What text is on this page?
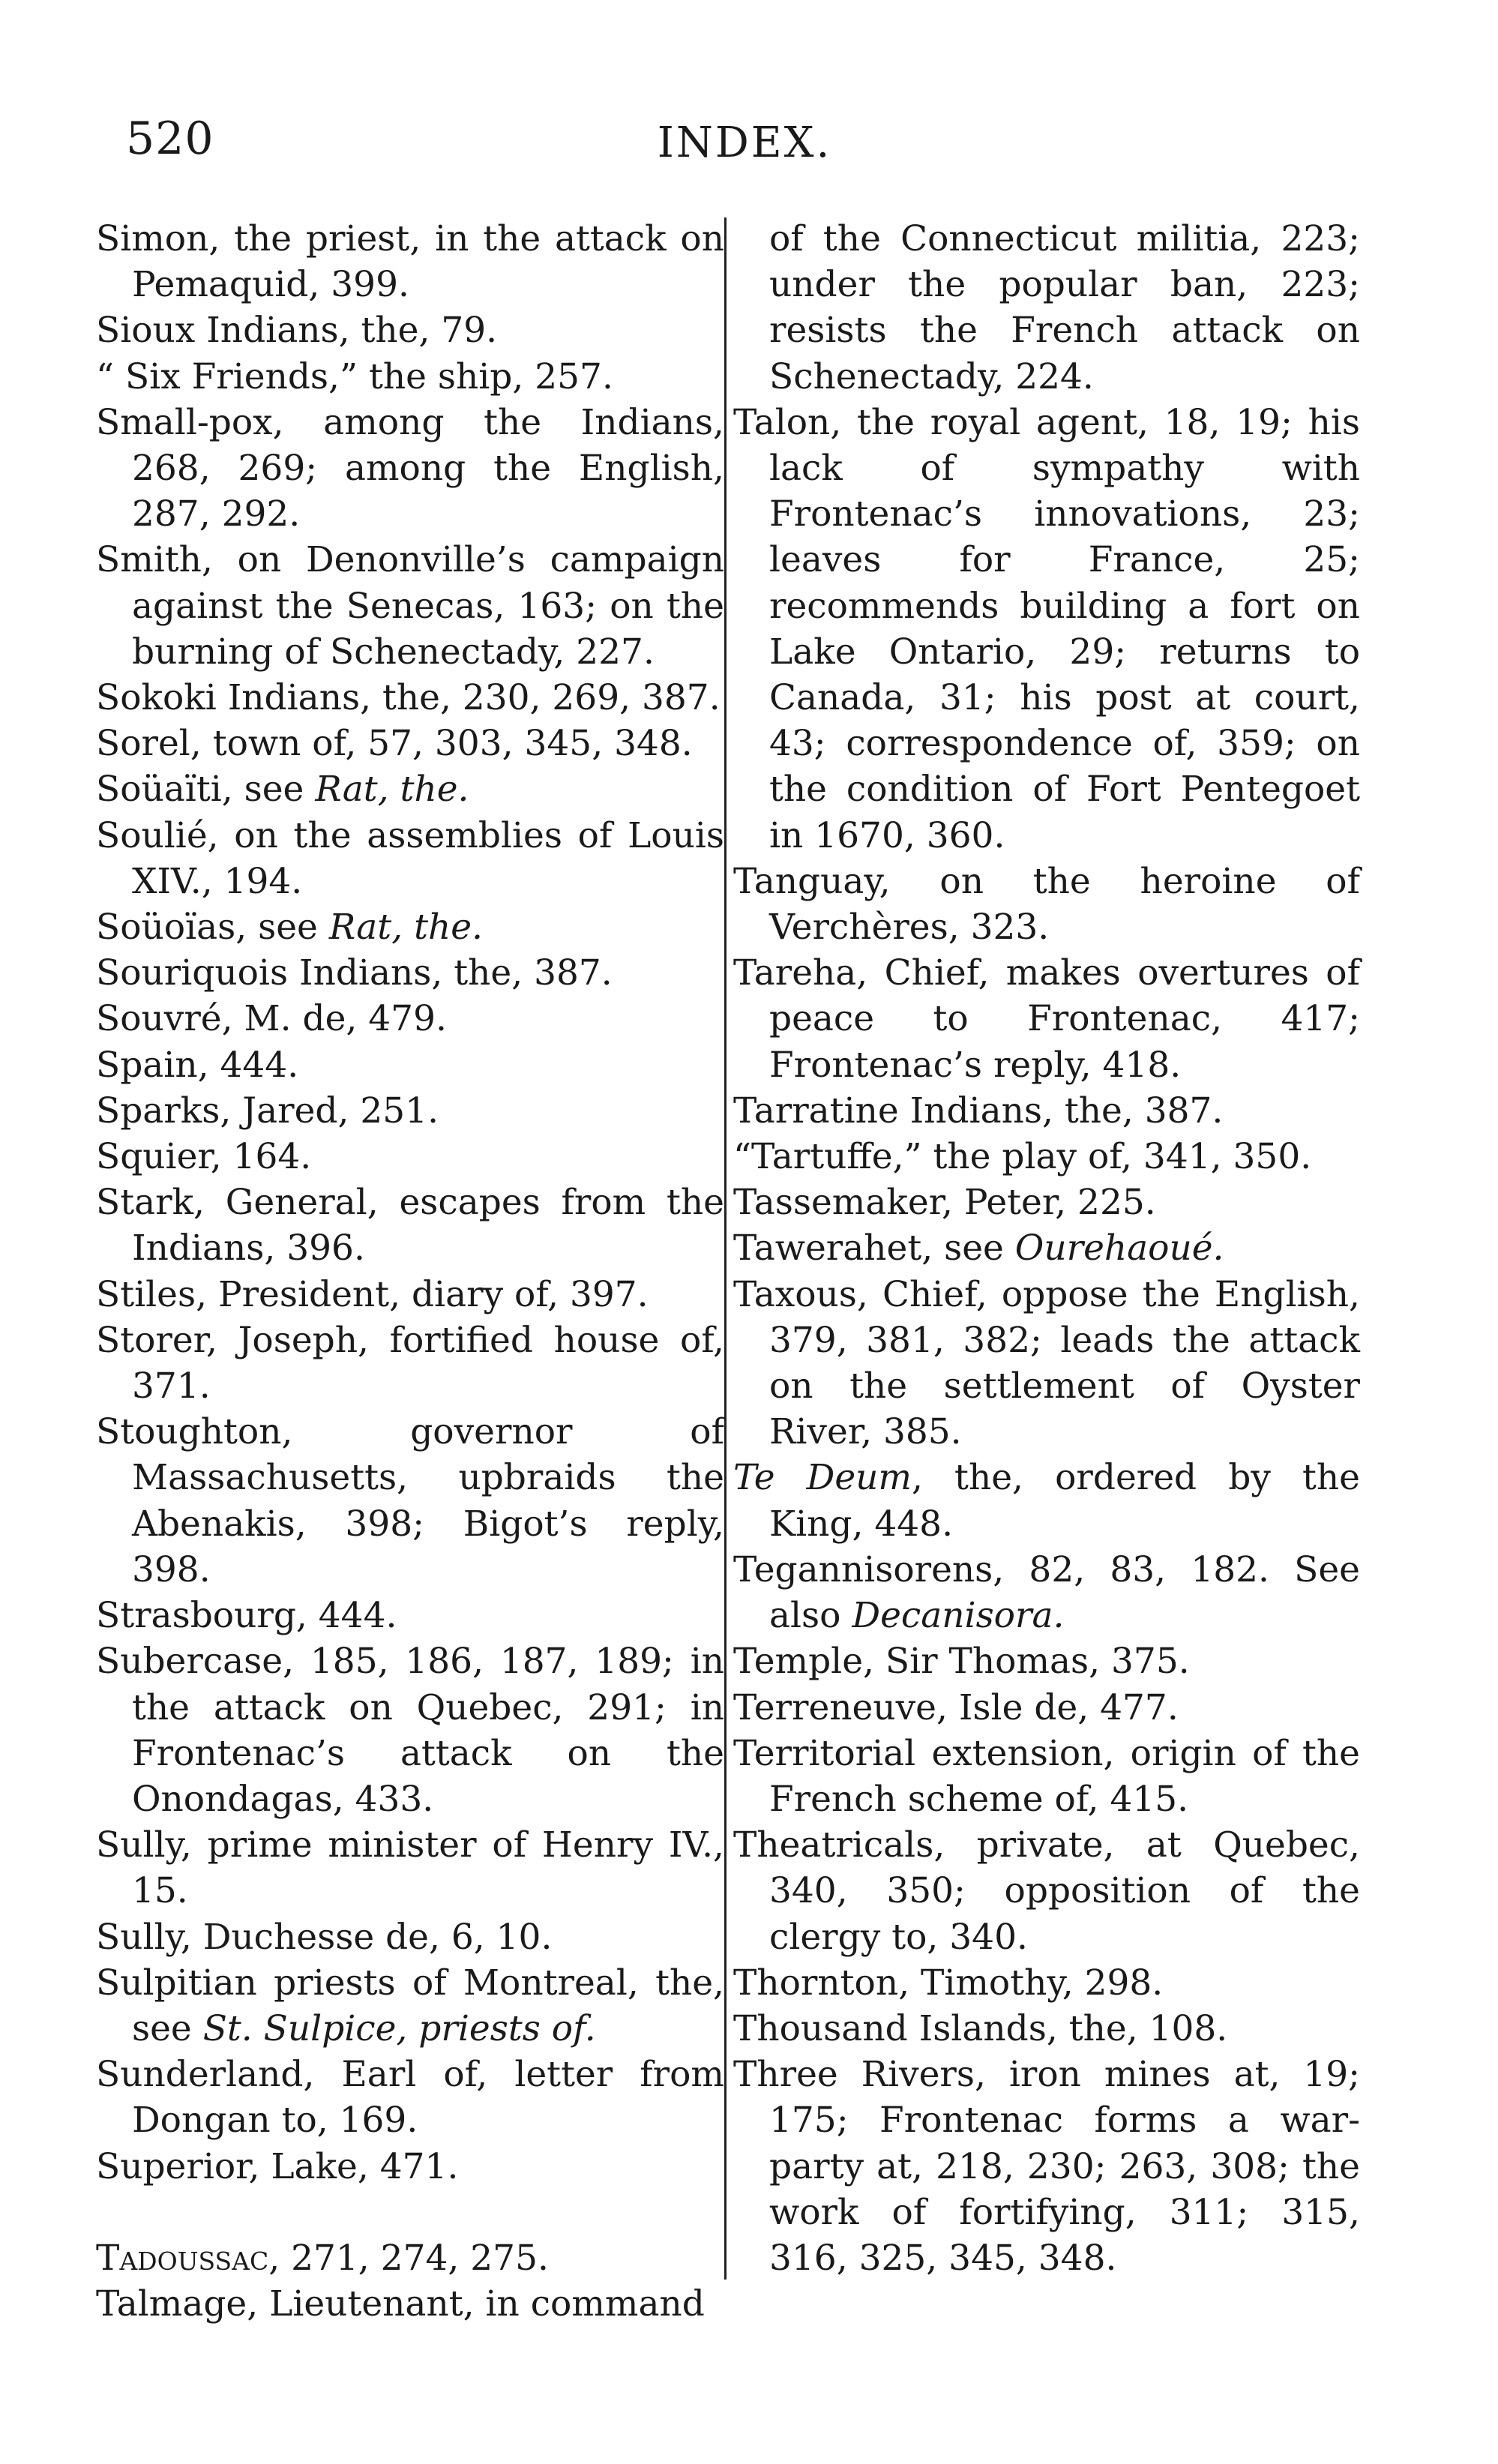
520	INDEX.

Simon, the priest, in the attack on Pemaquid, 399.

Sioux Indians, the, 79.

“ Six Friends,” the ship, 257.

Small-pox, among the Indians, 268, 269; among the English, 287, 292.

Smith, on Denonville’s campaign against the Senecas, 163; on the burning of Schenectady, 227.

Sokoki Indians, the, 230, 269, 387.

Sorel, town of, 57, 303, 345, 348.

Soüaïti, see Rat, the.

Soulié, on the assemblies of Louis XIV., 194.

Soüoïas, see Rat, the.

Souriquois Indians, the, 387.

Souvré, M. de, 479.

Spain, 444.

Sparks, Jared, 251.

Squier, 164.

Stark, General, escapes from the Indians, 396.

Stiles, President, diary of, 397.

Storer, Joseph, fortified house of, 371.

Stoughton, governor of Massachusetts, upbraids the Abenakis, 398; Bigot’s reply, 398.

Strasbourg, 444.

Subercase, 185, 186, 187, 189; in the attack on Quebec, 291; in Frontenac’s attack on the Onondagas, 433.

Sully, prime minister of Henry IV., 15.

Sully, Duchesse de, 6, 10.

Sulpitian priests of Montreal, the, see St. Sulpice, priests of.

Sunderland, Earl of, letter from Dongan to, 169.

Superior, Lake, 471.

Tadoussac, 271, 274, 275.

Talmage, Lieutenant, in command

of the Connecticut militia, 223; under the popular ban, 223; resists the French attack on Schenectady, 224.

Talon, the royal agent, 18, 19; his lack of sympathy with Frontenac’s innovations, 23; leaves for France, 25; recommends building a fort on Lake Ontario, 29; returns to Canada, 31; his post at court, 43; correspondence of, 359; on the condition of Fort Pentegoet in 1670, 360.

Tanguay, on the heroine of Verchères, 323.

Tareha, Chief, makes overtures of peace to Frontenac, 417; Frontenac’s reply, 418.

Tarratine Indians, the, 387.

“Tartuffe,” the play of, 341, 350.

Tassemaker, Peter, 225.

Tawerahet, see Ourehaoué.

Taxous, Chief, oppose the English, 379, 381, 382; leads the attack on the settlement of Oyster River, 385.

Te Deum, the, ordered by the King, 448.

Tegannisorens, 82, 83, 182. See also Decanisora.

Temple, Sir Thomas, 375.

Terreneuve, Isle de, 477.

Territorial extension, origin of the French scheme of, 415.

Theatricals, private, at Quebec, 340, 350; opposition of the clergy to, 340.

Thornton, Timothy, 298.

Thousand Islands, the, 108.

Three Rivers, iron mines at, 19; 175; Frontenac forms a war-party at, 218, 230; 263, 308; the work of fortifying, 311; 315, 316, 325, 345, 348.
